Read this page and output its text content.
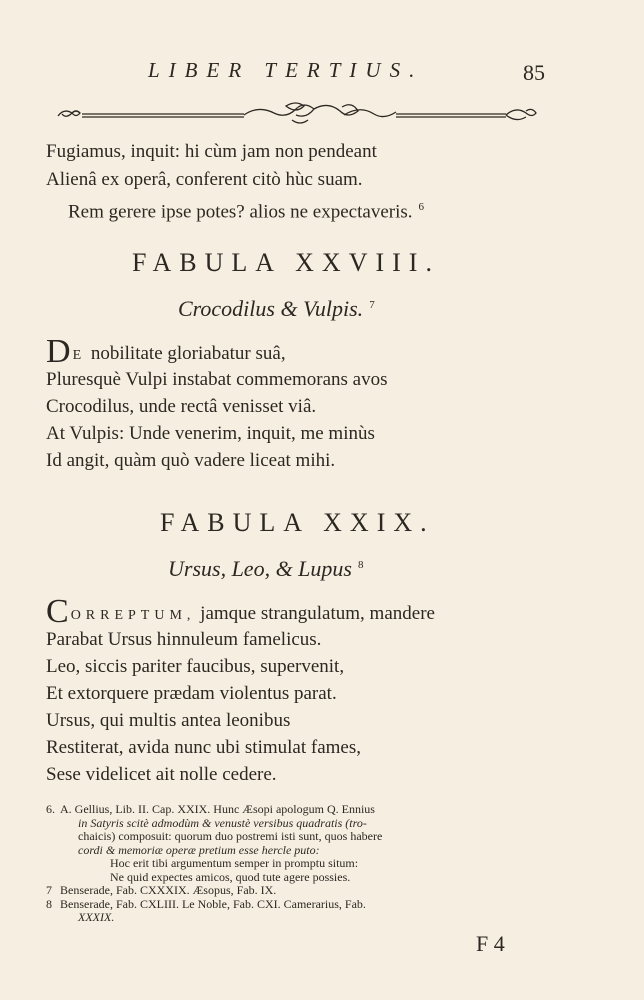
LIBER TERTIUS.	85
Fugiamus, inquit: hi cùm jam non pendeant
Alienâ ex operâ, conferent citò hùc suam.
Rem gerere ipse potes? alios ne expectaveris. $^6$
FABULA XXVIII.
Crocodilus & Vulpis. $^7$
D E nobilitate gloriabatur suâ,
Pluresquè Vulpi instabat commemorans avos
Crocodilus, unde rectâ venisset viâ.
At Vulpis: Unde venerim, inquit, me minùs
Id angit, quàm quò vadere liceat mihi.
FABULA XXIX.
Ursus, Leo, & Lupus $^8$
CORREPTUM, jamque strangulatum, mandere
Parabat Ursus hinnuleum famelicus.
Leo, siccis pariter faucibus, supervenit,
Et extorquere prædam violentus parat.
Ursus, qui multis antea leonibus
Restiterat, avida nunc ubi stimulat fames,
Sese videlicet ait nolle cedere.
6. A. Gellius, Lib. II. Cap. XXIX. Hunc Æsopi apologum Q. Ennius
in Satyris scitè admodùm & venustè versibus quadratis (tro-
chaicis) composuit: quorum duo postremi isti sunt, quos habere
cordi & memoriæ operæ pretium esse hercle puto:
Hoc erit tibi argumentum semper in promptu situm:
Ne quid expectes amicos, quod tute agere possies.
7 Benserade, Fab. CXXXIX. Æsopus, Fab. IX.
8 Benserade, Fab. CXLIII. Le Noble, Fab. CXI. Camerarius, Fab.
XXXIX.
F 4
